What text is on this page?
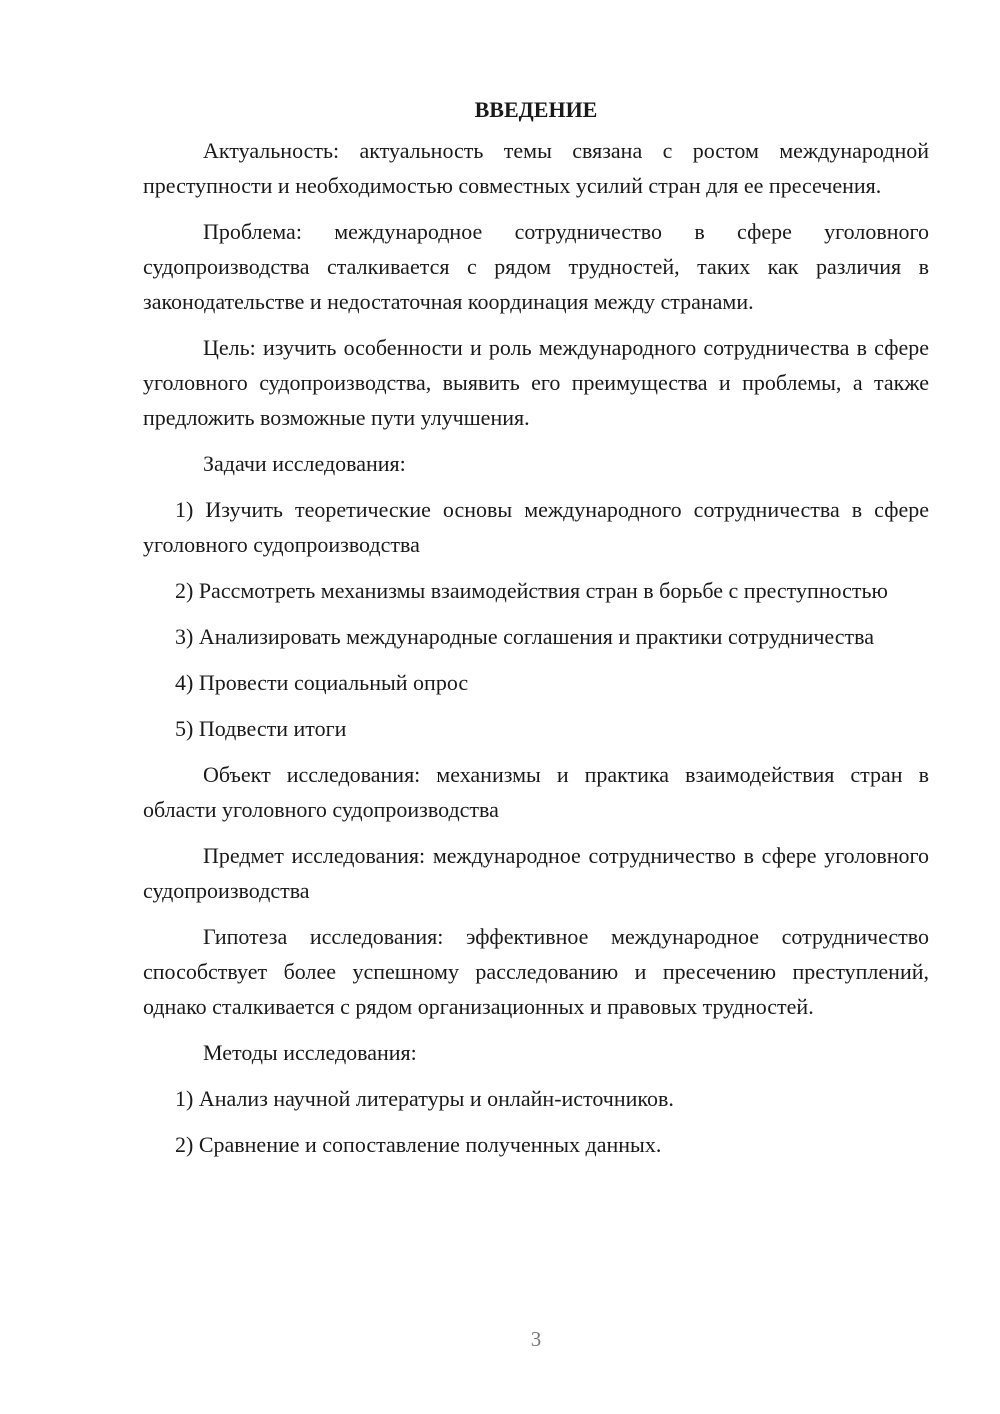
ВВЕДЕНИЕ

Актуальность: актуальность темы связана с ростом международной преступности и необходимостью совместных усилий стран для ее пресечения.

Проблема: международное сотрудничество в сфере уголовного судопроизводства сталкивается с рядом трудностей, таких как различия в законодательстве и недостаточная координация между странами.

Цель: изучить особенности и роль международного сотрудничества в сфере уголовного судопроизводства, выявить его преимущества и проблемы, а также предложить возможные пути улучшения.

Задачи исследования:

1) Изучить теоретические основы международного сотрудничества в сфере уголовного судопроизводства

2) Рассмотреть механизмы взаимодействия стран в борьбе с преступностью

3) Анализировать международные соглашения и практики сотрудничества

4) Провести социальный опрос

5) Подвести итоги

Объект исследования: механизмы и практика взаимодействия стран в области уголовного судопроизводства

Предмет исследования: международное сотрудничество в сфере уголовного судопроизводства

Гипотеза исследования: эффективное международное сотрудничество способствует более успешному расследованию и пресечению преступлений, однако сталкивается с рядом организационных и правовых трудностей.

Методы исследования:

1) Анализ научной литературы и онлайн-источников.

2) Сравнение и сопоставление полученных данных.

3
